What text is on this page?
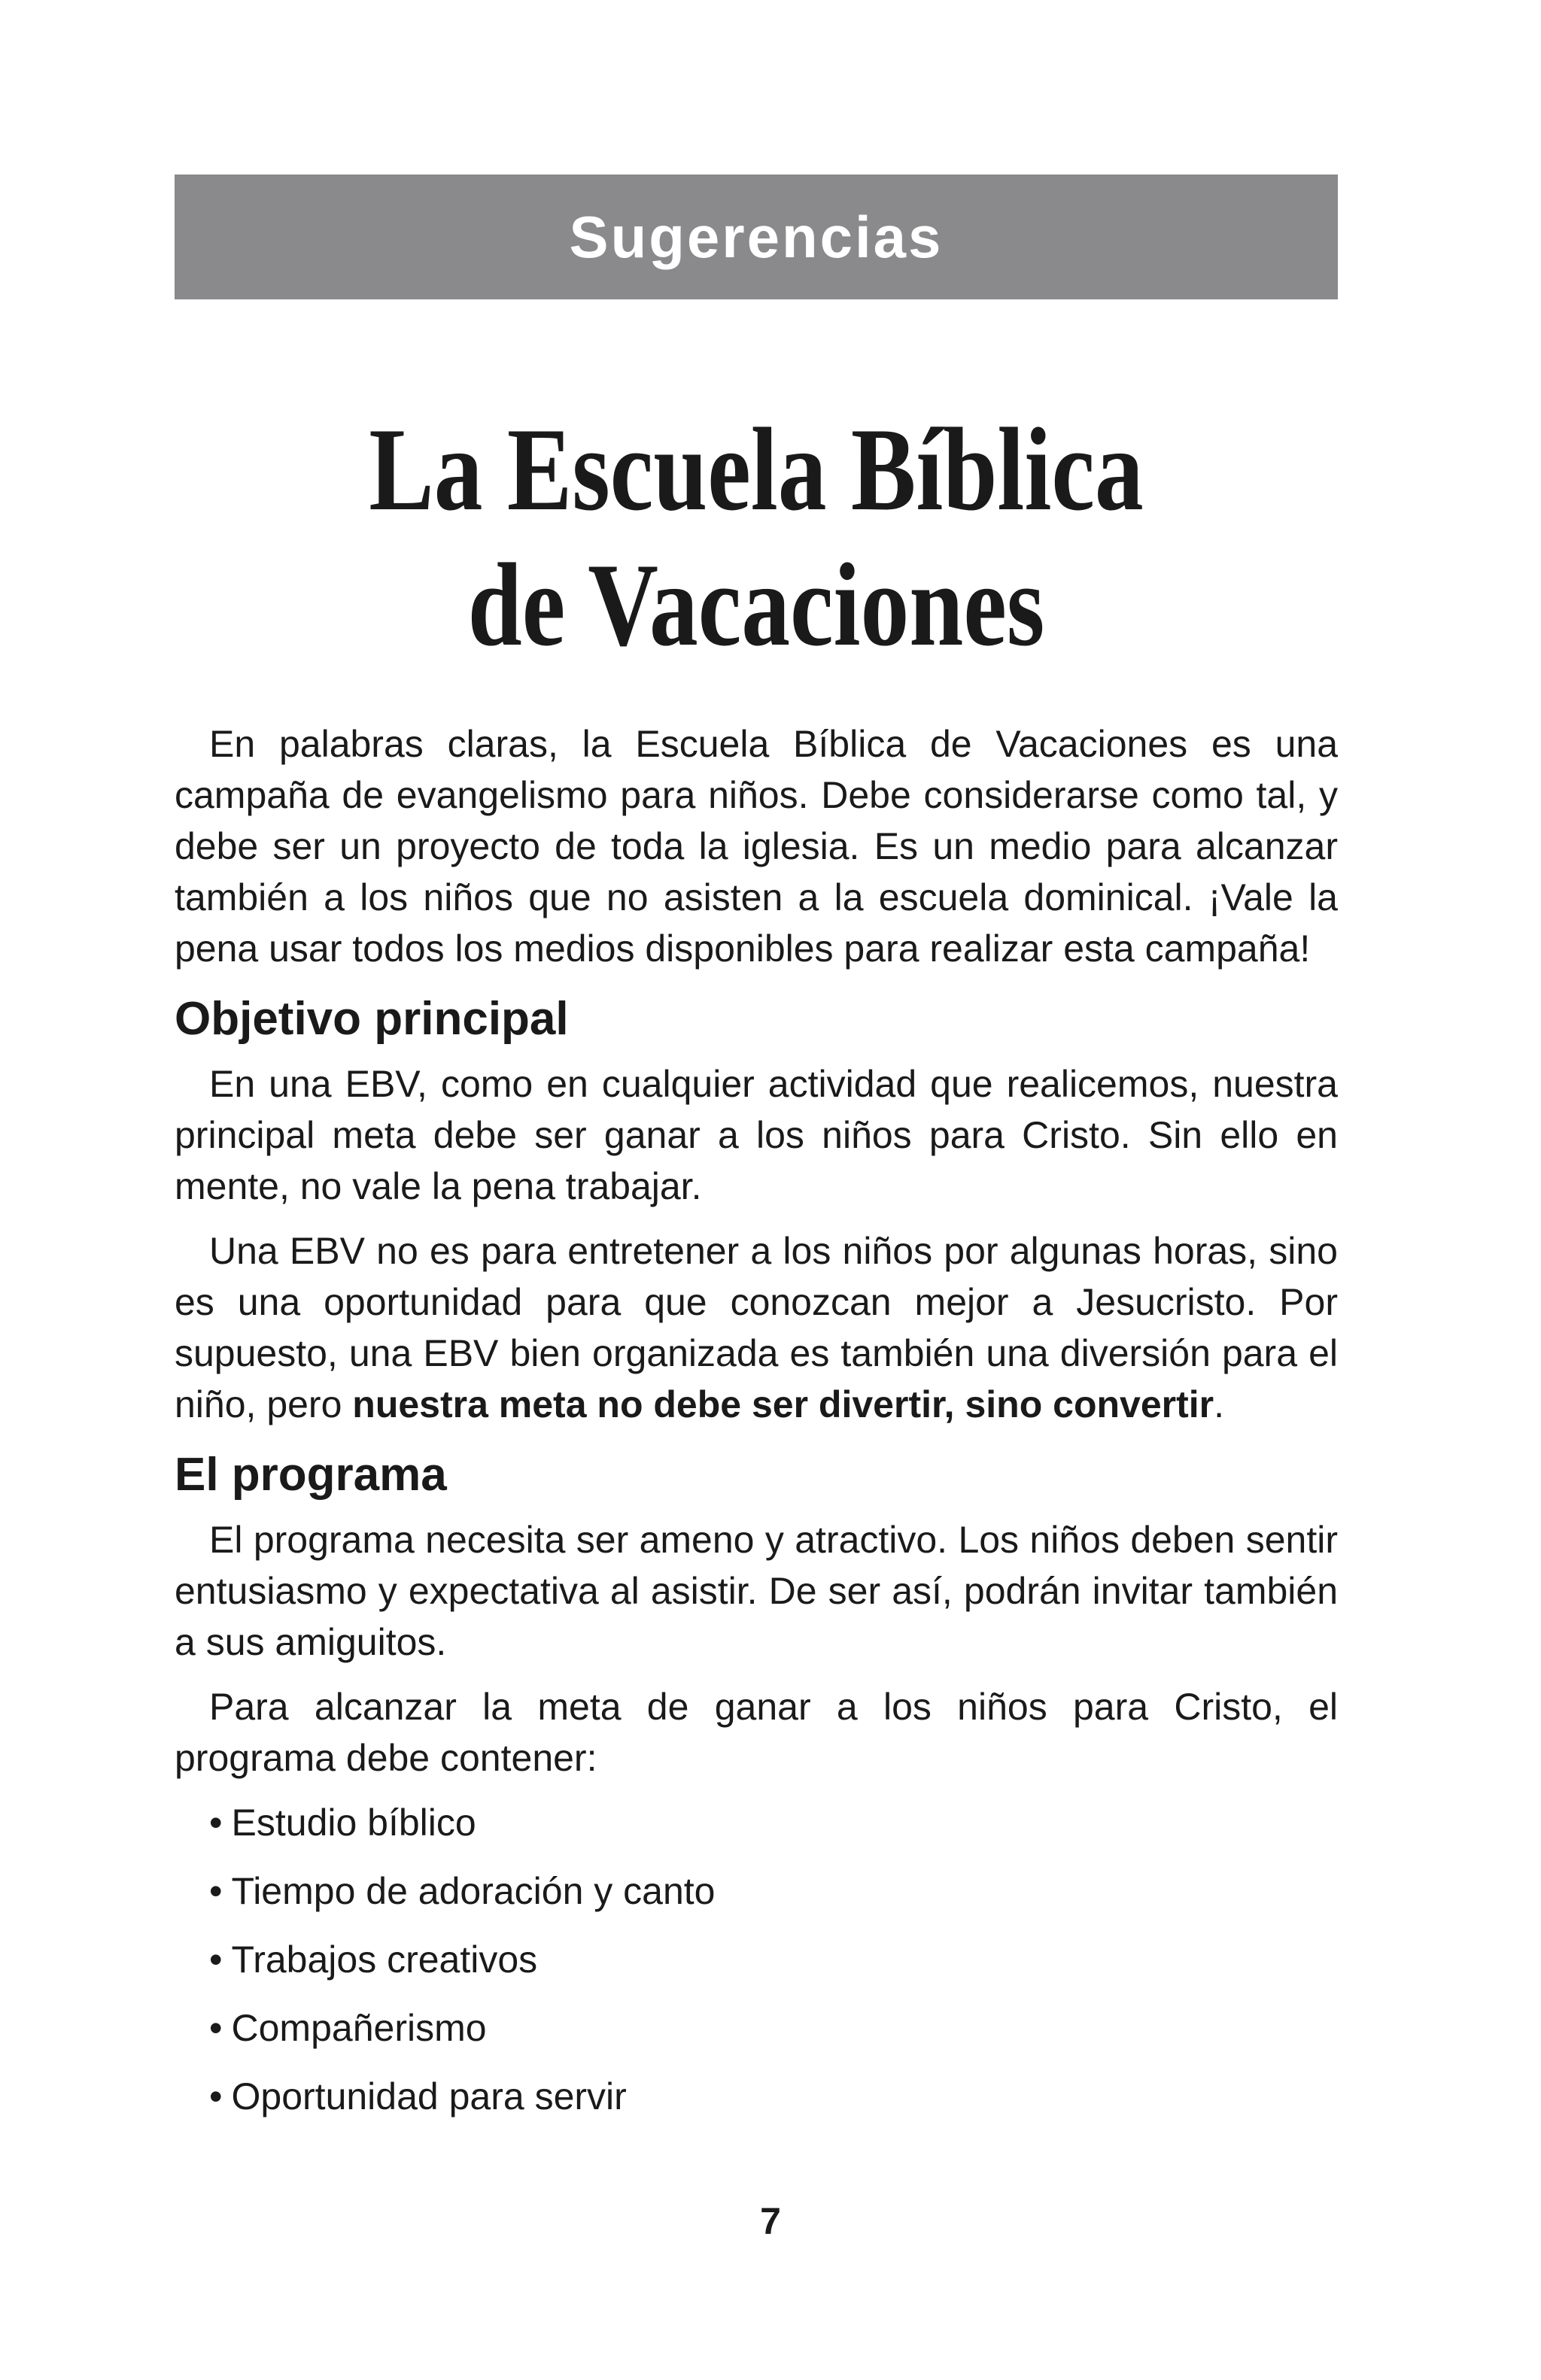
Sugerencias
La Escuela Bíblica
de Vacaciones

En palabras claras, la Escuela Bíblica de Vacaciones es una campaña de evangelismo para niños. Debe considerarse como tal, y debe ser un proyecto de toda la iglesia. Es un medio para alcanzar también a los niños que no asisten a la escuela dominical. ¡Vale la pena usar todos los medios disponibles para realizar esta campaña!

Objetivo principal

En una EBV, como en cualquier actividad que realicemos, nuestra principal meta debe ser ganar a los niños para Cristo. Sin ello en mente, no vale la pena trabajar.

Una EBV no es para entretener a los niños por algunas horas, sino es una oportunidad para que conozcan mejor a Jesucristo. Por supuesto, una EBV bien organizada es también una diversión para el niño, pero nuestra meta no debe ser divertir, sino convertir.

El programa

El programa necesita ser ameno y atractivo. Los niños deben sentir entusiasmo y expectativa al asistir. De ser así, podrán invitar también a sus amiguitos.

Para alcanzar la meta de ganar a los niños para Cristo, el programa debe contener:

• Estudio bíblico
• Tiempo de adoración y canto
• Trabajos creativos
• Compañerismo
• Oportunidad para servir
7
